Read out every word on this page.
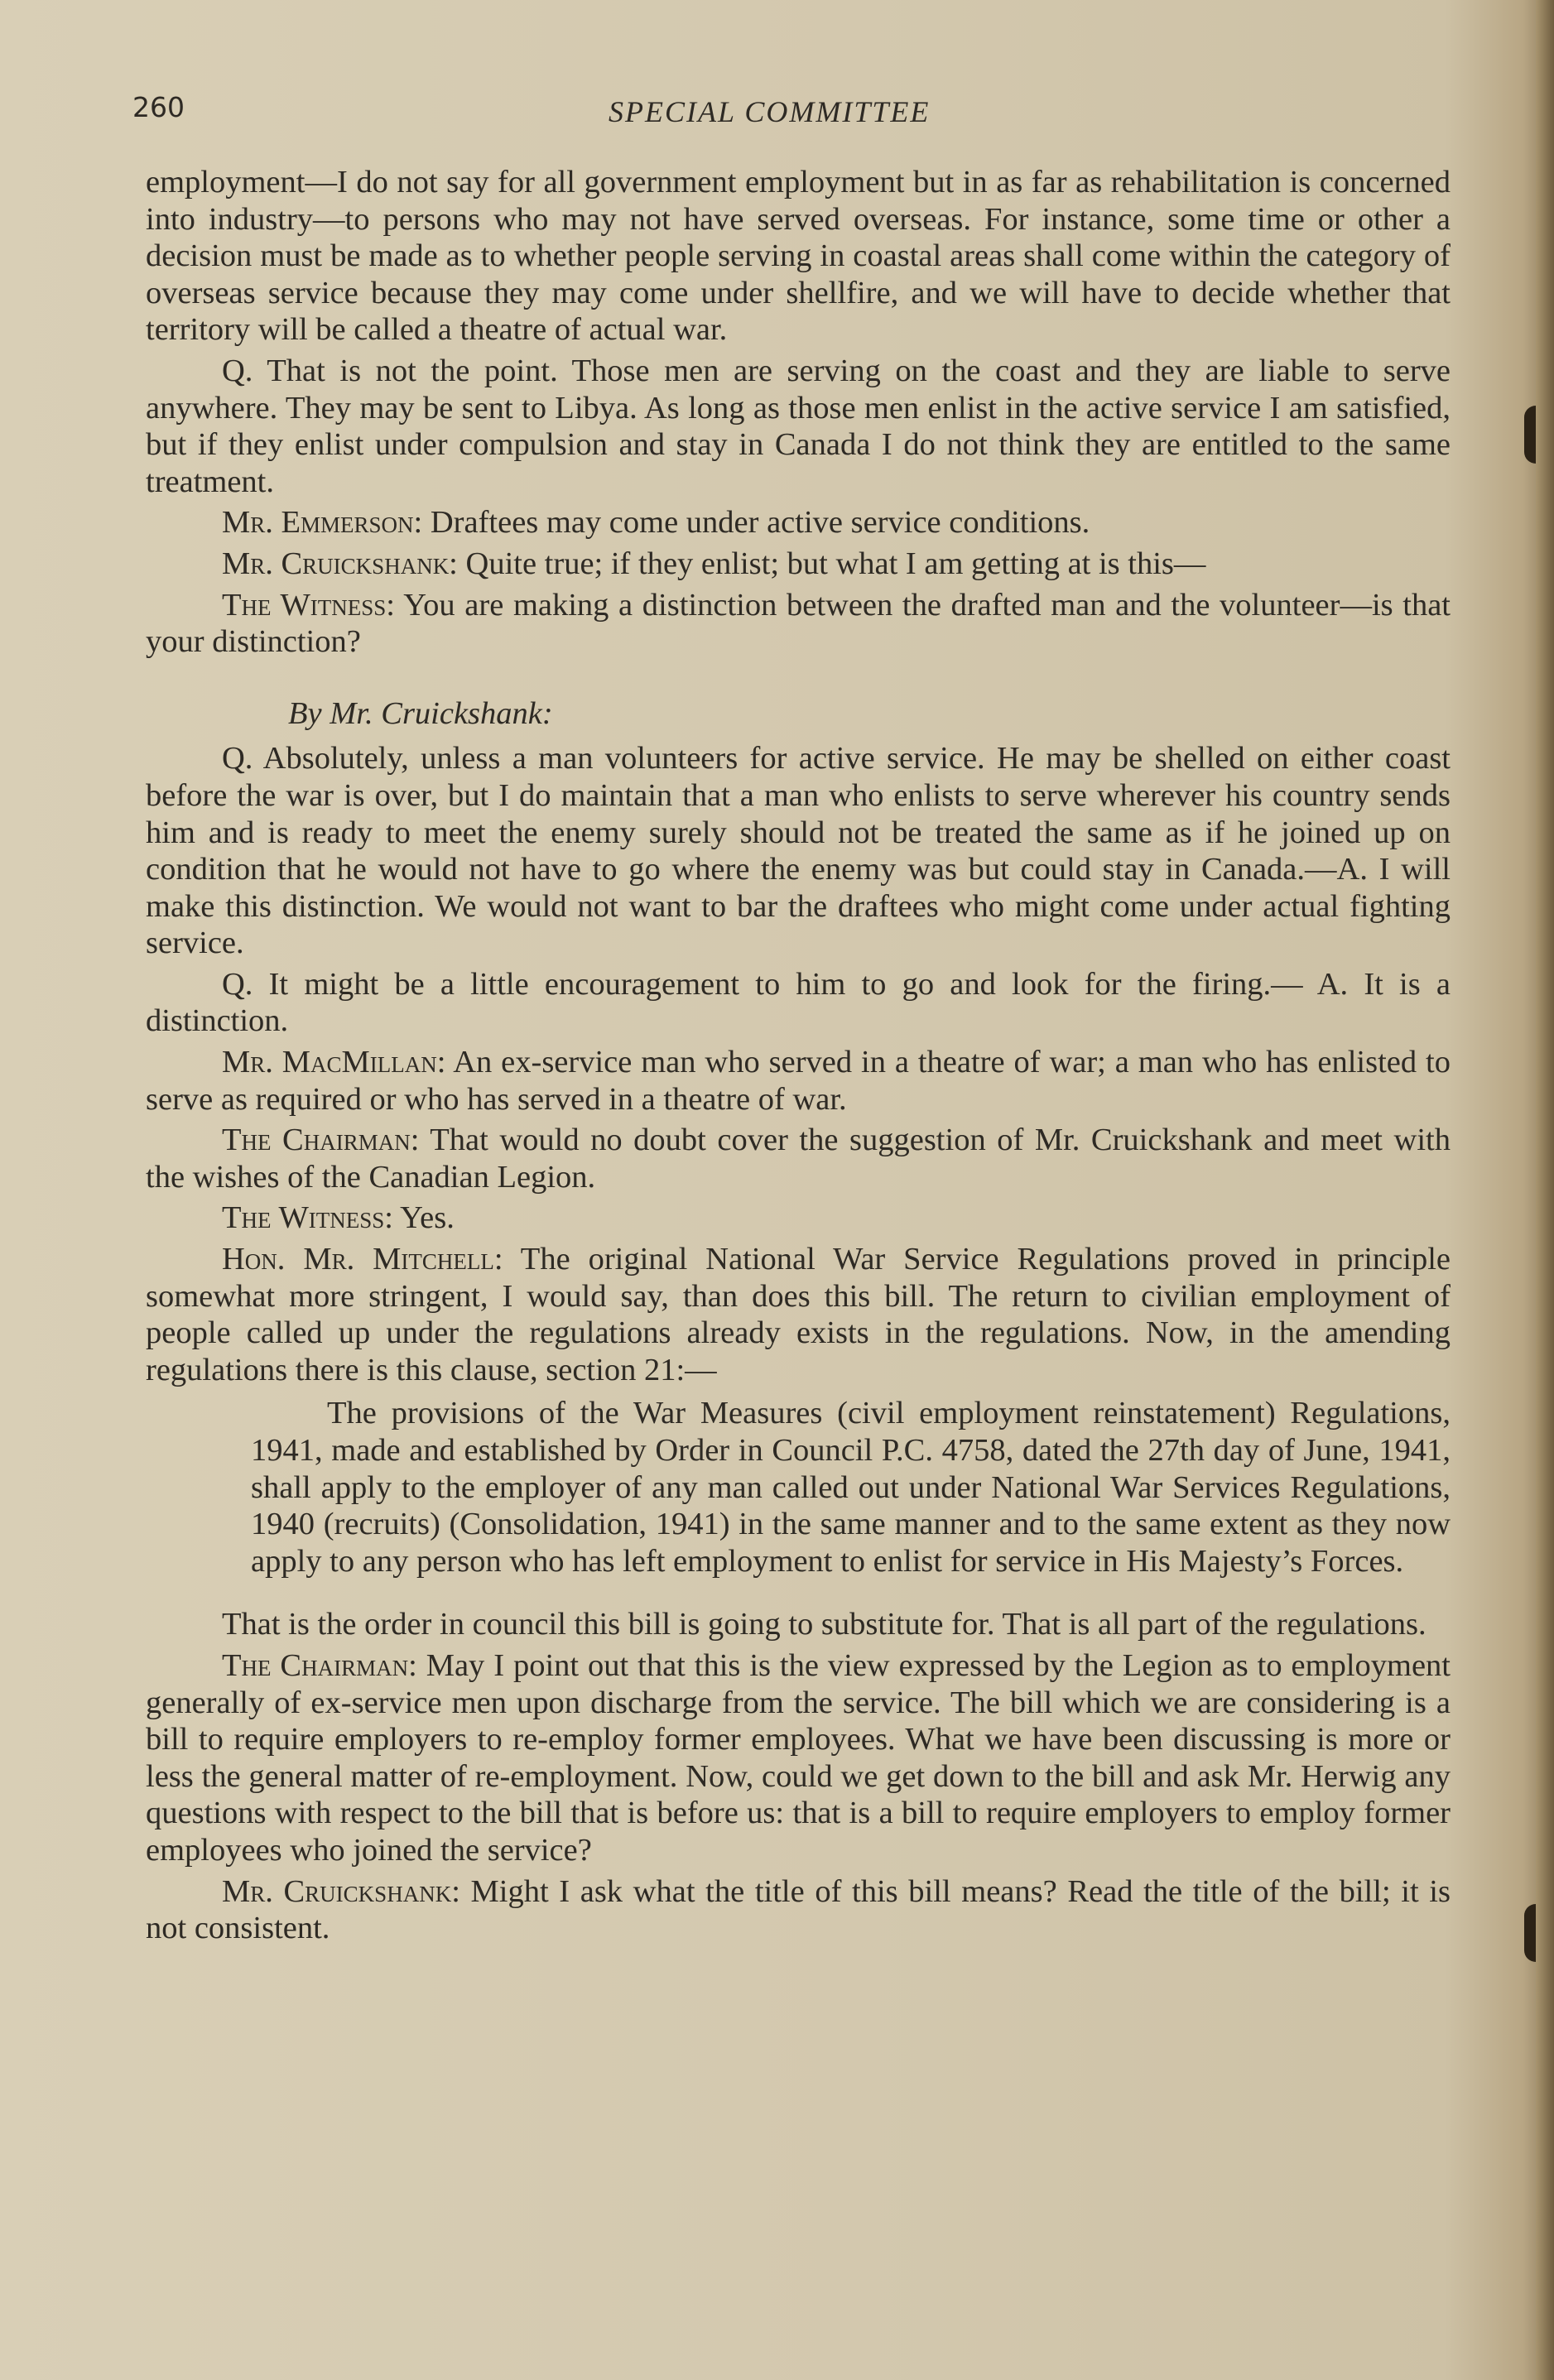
260	SPECIAL COMMITTEE

employment—I do not say for all government employment but in as far as rehabilitation is concerned into industry—to persons who may not have served overseas. For instance, some time or other a decision must be made as to whether people serving in coastal areas shall come within the category of overseas service because they may come under shellfire, and we will have to decide whether that territory will be called a theatre of actual war.

Q. That is not the point. Those men are serving on the coast and they are liable to serve anywhere. They may be sent to Libya. As long as those men enlist in the active service I am satisfied, but if they enlist under compulsion and stay in Canada I do not think they are entitled to the same treatment.

Mr. Emmerson: Draftees may come under active service conditions.

Mr. Cruickshank: Quite true; if they enlist; but what I am getting at is this—

The Witness: You are making a distinction between the drafted man and the volunteer—is that your distinction?

By Mr. Cruickshank:

Q. Absolutely, unless a man volunteers for active service. He may be shelled on either coast before the war is over, but I do maintain that a man who enlists to serve wherever his country sends him and is ready to meet the enemy surely should not be treated the same as if he joined up on condition that he would not have to go where the enemy was but could stay in Canada.—A. I will make this distinction. We would not want to bar the draftees who might come under actual fighting service.

Q. It might be a little encouragement to him to go and look for the firing.— A. It is a distinction.

Mr. MacMillan: An ex-service man who served in a theatre of war; a man who has enlisted to serve as required or who has served in a theatre of war.

The Chairman: That would no doubt cover the suggestion of Mr. Cruickshank and meet with the wishes of the Canadian Legion.

The Witness: Yes.

Hon. Mr. Mitchell: The original National War Service Regulations proved in principle somewhat more stringent, I would say, than does this bill. The return to civilian employment of people called up under the regulations already exists in the regulations. Now, in the amending regulations there is this clause, section 21:—

The provisions of the War Measures (civil employment reinstatement) Regulations, 1941, made and established by Order in Council P.C. 4758, dated the 27th day of June, 1941, shall apply to the employer of any man called out under National War Services Regulations, 1940 (recruits) (Consolidation, 1941) in the same manner and to the same extent as they now apply to any person who has left employment to enlist for service in His Majesty’s Forces.

That is the order in council this bill is going to substitute for. That is all part of the regulations.

The Chairman: May I point out that this is the view expressed by the Legion as to employment generally of ex-service men upon discharge from the service. The bill which we are considering is a bill to require employers to re-employ former employees. What we have been discussing is more or less the general matter of re-employment. Now, could we get down to the bill and ask Mr. Herwig any questions with respect to the bill that is before us: that is a bill to require employers to employ former employees who joined the service?

Mr. Cruickshank: Might I ask what the title of this bill means? Read the title of the bill; it is not consistent.
